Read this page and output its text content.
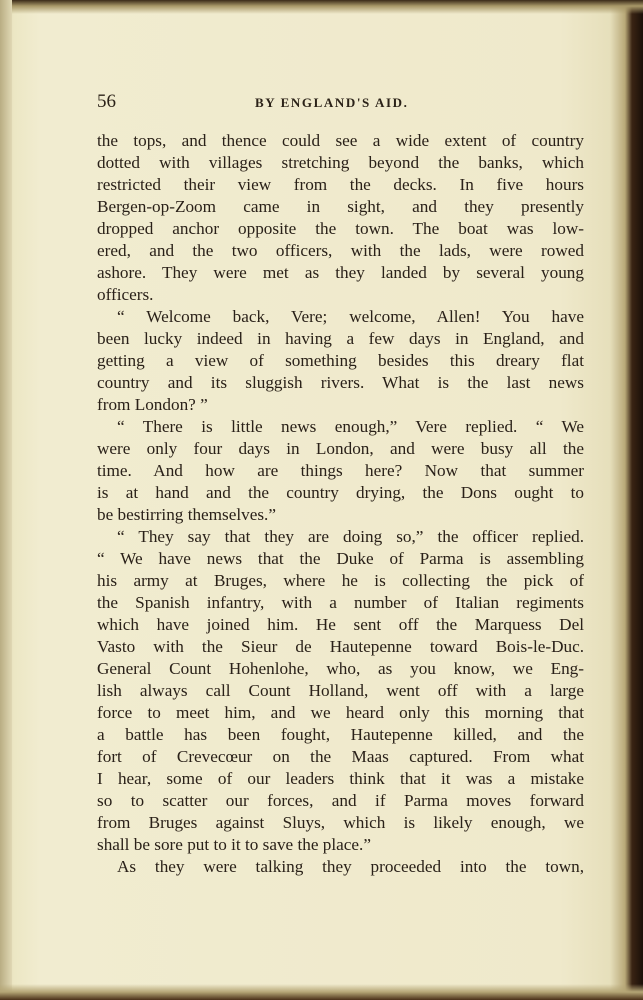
56	BY ENGLAND'S AID.
the tops, and thence could see a wide extent of country
dotted with villages stretching beyond the banks, which
restricted their view from the decks. In five hours
Bergen-op-Zoom came in sight, and they presently
dropped anchor opposite the town. The boat was low-
ered, and the two officers, with the lads, were rowed
ashore. They were met as they landed by several young
officers.
“ Welcome back, Vere; welcome, Allen! You have
been lucky indeed in having a few days in England, and
getting a view of something besides this dreary flat
country and its sluggish rivers. What is the last news
from London? ”
“ There is little news enough,” Vere replied. “ We
were only four days in London, and were busy all the
time. And how are things here? Now that summer
is at hand and the country drying, the Dons ought to
be bestirring themselves.”
“ They say that they are doing so,” the officer replied.
“ We have news that the Duke of Parma is assembling
his army at Bruges, where he is collecting the pick of
the Spanish infantry, with a number of Italian regiments
which have joined him. He sent off the Marquess Del
Vasto with the Sieur de Hautepenne toward Bois-le-Duc.
General Count Hohenlohe, who, as you know, we Eng-
lish always call Count Holland, went off with a large
force to meet him, and we heard only this morning that
a battle has been fought, Hautepenne killed, and the
fort of Crevecœur on the Maas captured. From what
I hear, some of our leaders think that it was a mistake
so to scatter our forces, and if Parma moves forward
from Bruges against Sluys, which is likely enough, we
shall be sore put to it to save the place.”
As they were talking they proceeded into the town,
